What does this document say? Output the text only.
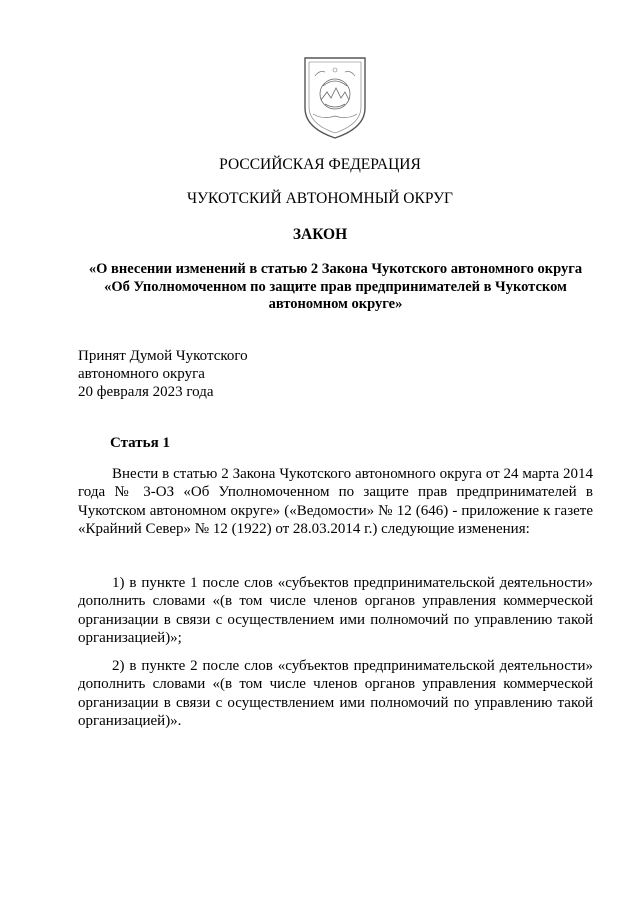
РОССИЙСКАЯ ФЕДЕРАЦИЯ
ЧУКОТСКИЙ АВТОНОМНЫЙ ОКРУГ
ЗАКОН
«О внесении изменений в статью 2 Закона Чукотского автономного округа
«Об Уполномоченном по защите прав предпринимателей в Чукотском
автономном округе»
Принят Думой Чукотского
автономного округа
20 февраля 2023 года
Статья 1
Внести в статью 2 Закона Чукотского автономного округа от 24 марта 2014 года № 3-ОЗ «Об Уполномоченном по защите прав предпринимателей в Чукотском автономном округе» («Ведомости» № 12 (646) - приложение к газете «Крайний Север» № 12 (1922) от 28.03.2014 г.) следующие изменения:
1) в пункте 1 после слов «субъектов предпринимательской деятельности» дополнить словами «(в том числе членов органов управления коммерческой организации в связи с осуществлением ими полномочий по управлению такой организацией)»;
2) в пункте 2 после слов «субъектов предпринимательской деятельности» дополнить словами «(в том числе членов органов управления коммерческой организации в связи с осуществлением ими полномочий по управлению такой организацией)».
